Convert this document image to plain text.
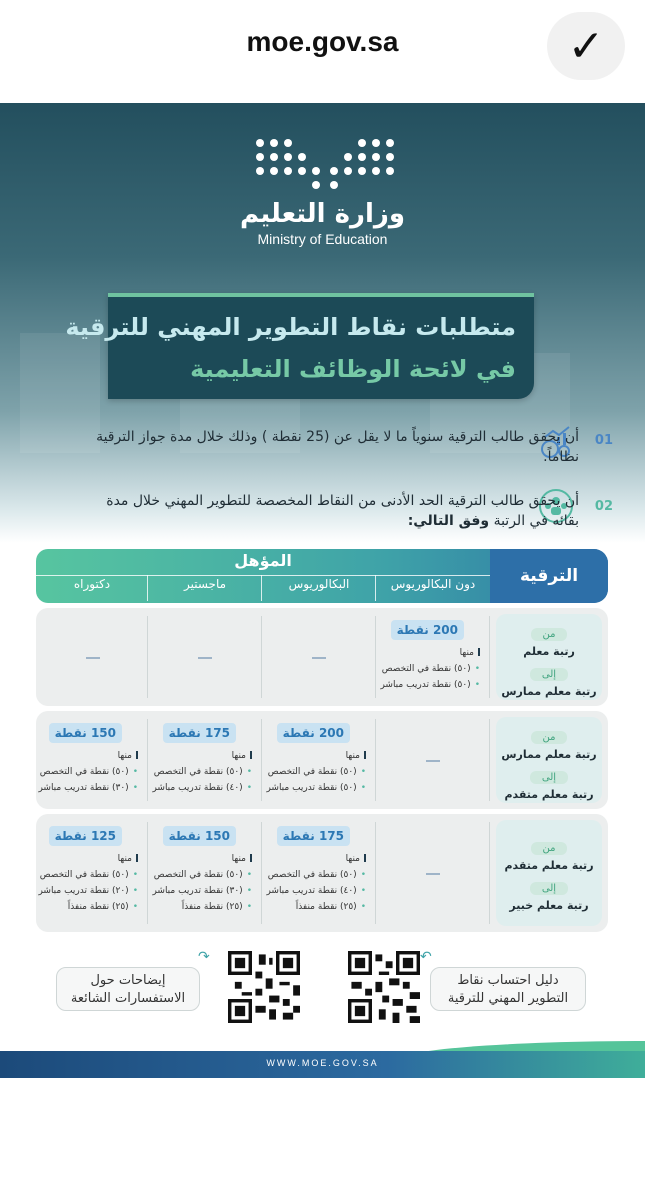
moe.gov.sa	✓
وزارة التعليم
Ministry of Education
متطلبات نقاط التطوير المهني للترقية
في لائحة الوظائف التعليمية
01
أن يحقق طالب الترقية سنوياً ما لا يقل عن (25 نقطة ) وذلك خلال مدة جواز الترقية نظاماً.
02
أن يحقق طالب الترقية الحد الأدنى من النقاط المخصصة للتطوير المهني خلال مدة بقائه في الرتبة وفق التالي:
الترقية
المؤهل
دون البكالوريوس
البكالوريوس
ماجستير
دكتوراه
من
رتبة معلم
إلى
رتبة معلم ممارس
200 نقطة
منها
• (٥٠) نقطة في التخصص
• (٥٠) نقطة تدريب مباشر
من
رتبة معلم ممارس
إلى
رتبة معلم متقدم
200 نقطة
منها
• (٥٠) نقطة في التخصص
• (٥٠) نقطة تدريب مباشر
175 نقطة
منها
• (٥٠) نقطة في التخصص
• (٤٠) نقطة تدريب مباشر
150 نقطة
منها
• (٥٠) نقطة في التخصص
• (٣٠) نقطة تدريب مباشر
من
رتبة معلم متقدم
إلى
رتبة معلم خبير
175 نقطة
منها
• (٥٠) نقطة في التخصص
• (٤٠) نقطة تدريب مباشر
• (٢٥) نقطة منفذاً
150 نقطة
منها
• (٥٠) نقطة في التخصص
• (٣٠) نقطة تدريب مباشر
• (٢٥) نقطة منفذاً
125 نقطة
منها
• (٥٠) نقطة في التخصص
• (٢٠) نقطة تدريب مباشر
• (٢٥) نقطة منفذاً
دليل احتساب نقاط
التطوير المهني للترقية
↶
↷
إيضاحات حول
الاستفسارات الشائعة
WWW.MOE.GOV.SA
